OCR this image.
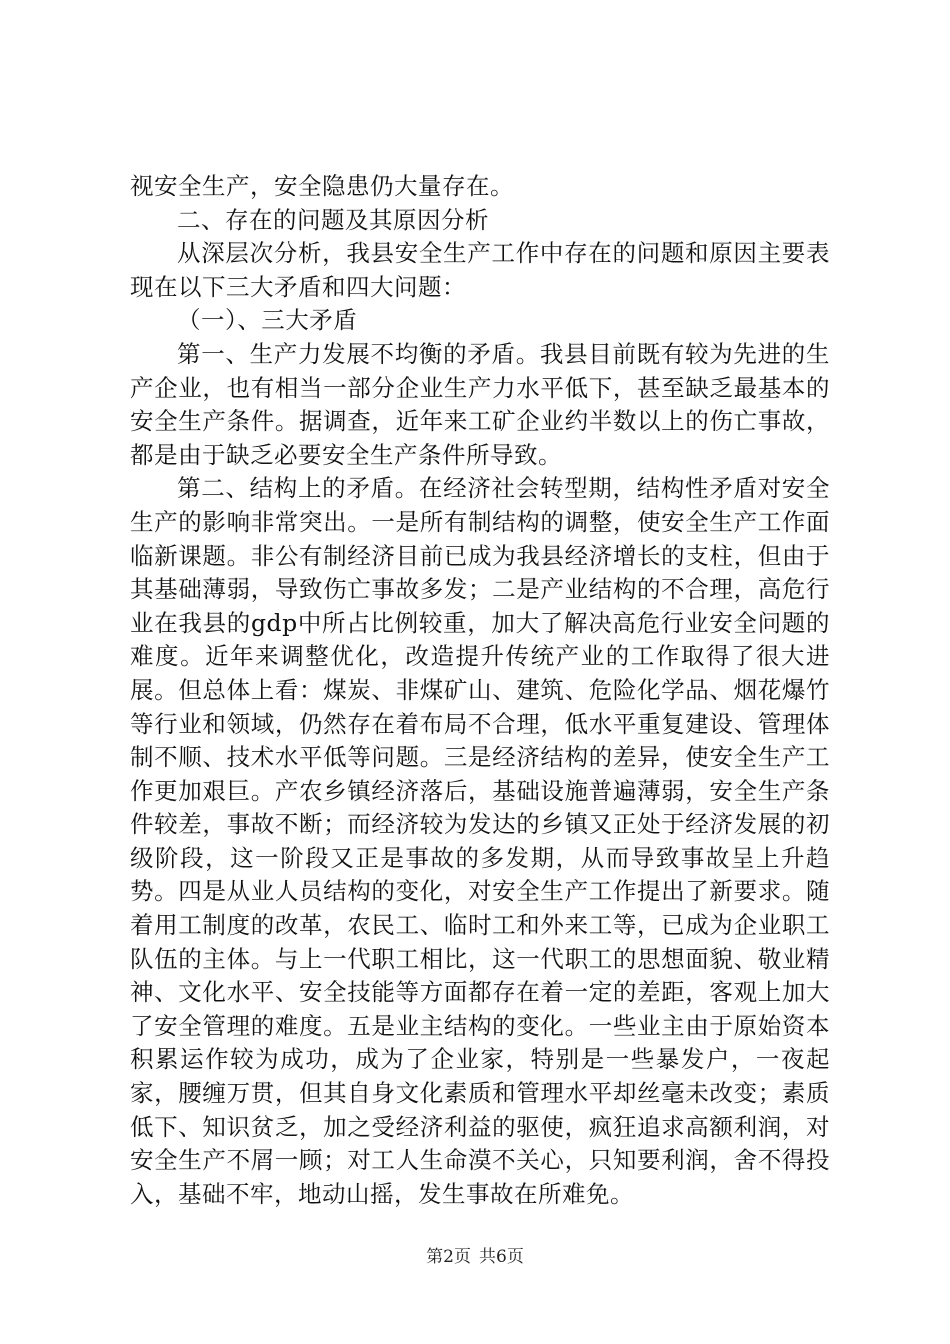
视安全生产，安全隐患仍大量存在。

二、存在的问题及其原因分析

从深层次分析，我县安全生产工作中存在的问题和原因主要表现在以下三大矛盾和四大问题：

（一）、三大矛盾

第一、生产力发展不均衡的矛盾。我县目前既有较为先进的生产企业，也有相当一部分企业生产力水平低下，甚至缺乏最基本的安全生产条件。据调查，近年来工矿企业约半数以上的伤亡事故，都是由于缺乏必要安全生产条件所导致。

第二、结构上的矛盾。在经济社会转型期，结构性矛盾对安全生产的影响非常突出。一是所有制结构的调整，使安全生产工作面临新课题。非公有制经济目前已成为我县经济增长的支柱，但由于其基础薄弱，导致伤亡事故多发；二是产业结构的不合理，高危行业在我县的gdp中所占比例较重，加大了解决高危行业安全问题的难度。近年来调整优化，改造提升传统产业的工作取得了很大进展。但总体上看：煤炭、非煤矿山、建筑、危险化学品、烟花爆竹等行业和领域，仍然存在着布局不合理，低水平重复建设、管理体制不顺、技术水平低等问题。三是经济结构的差异，使安全生产工作更加艰巨。产农乡镇经济落后，基础设施普遍薄弱，安全生产条件较差，事故不断；而经济较为发达的乡镇又正处于经济发展的初级阶段，这一阶段又正是事故的多发期，从而导致事故呈上升趋势。四是从业人员结构的变化，对安全生产工作提出了新要求。随着用工制度的改革，农民工、临时工和外来工等，已成为企业职工队伍的主体。与上一代职工相比，这一代职工的思想面貌、敬业精神、文化水平、安全技能等方面都存在着一定的差距，客观上加大了安全管理的难度。五是业主结构的变化。一些业主由于原始资本积累运作较为成功，成为了企业家，特别是一些暴发户，一夜起家，腰缠万贯，但其自身文化素质和管理水平却丝毫未改变；素质低下、知识贫乏，加之受经济利益的驱使，疯狂追求高额利润，对安全生产不屑一顾；对工人生命漠不关心，只知要利润，舍不得投入，基础不牢，地动山摇，发生事故在所难免。

第2页 共6页
